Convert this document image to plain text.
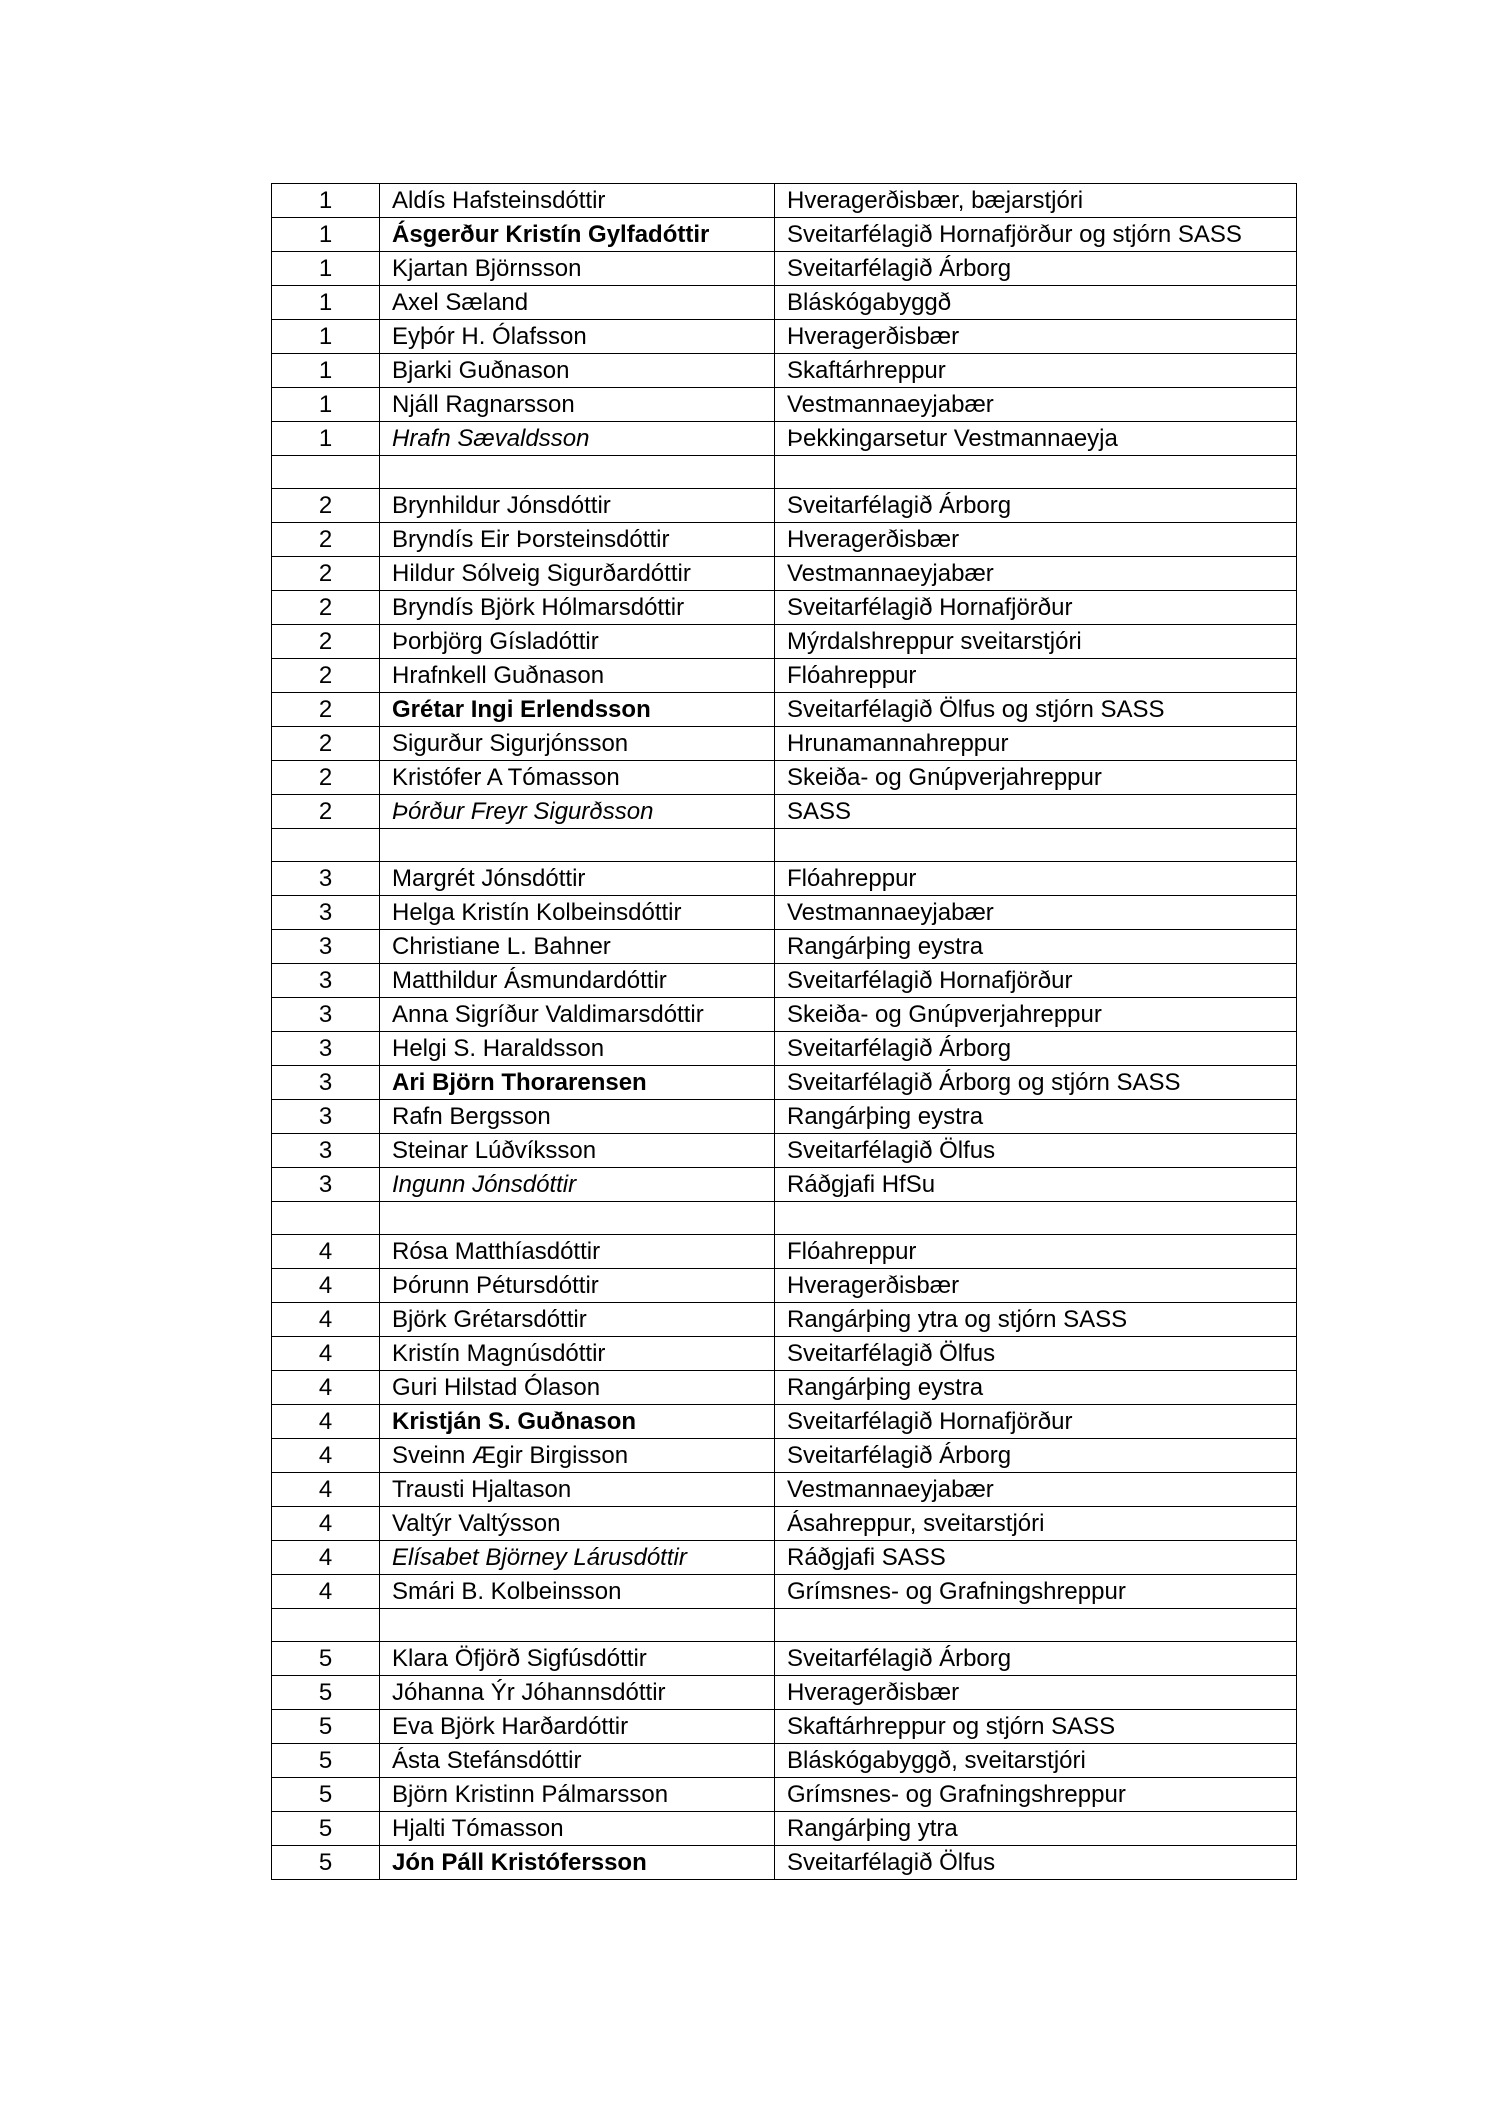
1	Aldís Hafsteinsdóttir	Hveragerðisbær, bæjarstjóri
1	Ásgerður Kristín Gylfadóttir	Sveitarfélagið Hornafjörður og stjórn SASS
1	Kjartan Björnsson	Sveitarfélagið Árborg
1	Axel Sæland	Bláskógabyggð
1	Eyþór H. Ólafsson	Hveragerðisbær
1	Bjarki Guðnason	Skaftárhreppur
1	Njáll Ragnarsson	Vestmannaeyjabær
1	Hrafn Sævaldsson	Þekkingarsetur Vestmannaeyja

2	Brynhildur Jónsdóttir	Sveitarfélagið Árborg
2	Bryndís Eir Þorsteinsdóttir	Hveragerðisbær
2	Hildur Sólveig Sigurðardóttir	Vestmannaeyjabær
2	Bryndís Björk Hólmarsdóttir	Sveitarfélagið Hornafjörður
2	Þorbjörg Gísladóttir	Mýrdalshreppur sveitarstjóri
2	Hrafnkell Guðnason	Flóahreppur
2	Grétar Ingi Erlendsson	Sveitarfélagið Ölfus og stjórn SASS
2	Sigurður Sigurjónsson	Hrunamannahreppur
2	Kristófer A Tómasson	Skeiða- og Gnúpverjahreppur
2	Þórður Freyr Sigurðsson	SASS

3	Margrét Jónsdóttir	Flóahreppur
3	Helga Kristín Kolbeinsdóttir	Vestmannaeyjabær
3	Christiane L. Bahner	Rangárþing eystra
3	Matthildur Ásmundardóttir	Sveitarfélagið Hornafjörður
3	Anna Sigríður Valdimarsdóttir	Skeiða- og Gnúpverjahreppur
3	Helgi S. Haraldsson	Sveitarfélagið Árborg
3	Ari Björn Thorarensen	Sveitarfélagið Árborg og stjórn SASS
3	Rafn Bergsson	Rangárþing eystra
3	Steinar Lúðvíksson	Sveitarfélagið Ölfus
3	Ingunn Jónsdóttir	Ráðgjafi HfSu

4	Rósa Matthíasdóttir	Flóahreppur
4	Þórunn Pétursdóttir	Hveragerðisbær
4	Björk Grétarsdóttir	Rangárþing ytra og stjórn SASS
4	Kristín Magnúsdóttir	Sveitarfélagið Ölfus
4	Guri Hilstad Ólason	Rangárþing eystra
4	Kristján S. Guðnason	Sveitarfélagið Hornafjörður
4	Sveinn Ægir Birgisson	Sveitarfélagið Árborg
4	Trausti Hjaltason	Vestmannaeyjabær
4	Valtýr Valtýsson	Ásahreppur, sveitarstjóri
4	Elísabet Björney Lárusdóttir	Ráðgjafi SASS
4	Smári B. Kolbeinsson	Grímsnes- og Grafningshreppur

5	Klara Öfjörð Sigfúsdóttir	Sveitarfélagið Árborg
5	Jóhanna Ýr Jóhannsdóttir	Hveragerðisbær
5	Eva Björk Harðardóttir	Skaftárhreppur og stjórn SASS
5	Ásta Stefánsdóttir	Bláskógabyggð, sveitarstjóri
5	Björn Kristinn Pálmarsson	Grímsnes- og Grafningshreppur
5	Hjalti Tómasson	Rangárþing ytra
5	Jón Páll Kristófersson	Sveitarfélagið Ölfus
